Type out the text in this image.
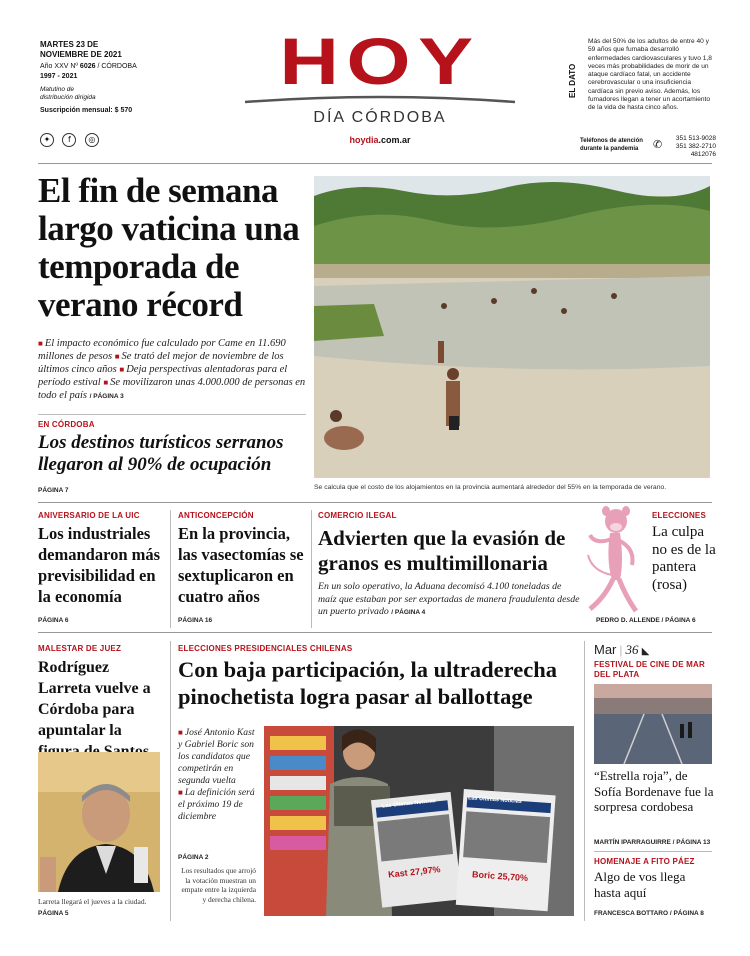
MARTES 23 DE
NOVIEMBRE DE 2021
Año XXV Nº 6026 / CÓRDOBA
1997 - 2021
Matutino de
distribución dirigida
Suscripción mensual: $ 570
✦ f ◎
HOY
DÍA CÓRDOBA
hoydia.com.ar
EL DATO
Más del 50% de los adultos de entre 40 y 59 años que fumaba desarrolló enfermedades cardiovasculares y tuvo 1,8 veces más probabilidades de morir de un ataque cardíaco fatal, un accidente cerebrovascular o una insuficiencia cardíaca sin previo aviso. Además, los fumadores llegan a tener un acortamiento de la vida de hasta cinco años.
Teléfonos de atención
durante la pandemia	✆	351 513-9028
351 382-2710
4812076
El fin de semana largo vaticina una temporada de verano récord
■ El impacto económico fue calculado por Came en 11.690 millones de pesos ■ Se trató del mejor de noviembre de los últimos cinco años ■ Deja perspectivas alentadoras para el período estival ■ Se movilizaron unas 4.000.000 de personas en todo el país / PÁGINA 3
EN CÓRDOBA
Los destinos turísticos serranos llegaron al 90% de ocupación
PÁGINA 7	Se calcula que el costo de los alojamientos en la provincia aumentará alrededor del 55% en la temporada de verano.
ANIVERSARIO DE LA UIC
Los industriales demandaron más previsibilidad en la economía
PÁGINA 6
ANTICONCEPCIÓN
En la provincia, las vasectomías se sextuplicaron en cuatro años
PÁGINA 16
COMERCIO ILEGAL
Advierten que la evasión de granos es multimillonaria
En un solo operativo, la Aduana decomisó 4.100 toneladas de maíz que estaban por ser exportadas de manera fraudulenta desde un puerto privado / PÁGINA 4
ELECCIONES
La culpa no es de la pantera (rosa)
PEDRO D. ALLENDE / PÁGINA 6
MALESTAR DE JUEZ
Rodríguez Larreta vuelve a Córdoba para apuntalar la
Larreta llegará el jueves a la ciudad.
PÁGINA 5
ELECCIONES PRESIDENCIALES CHILENAS
Con baja participación, la ultraderecha pinochetista logra pasar al ballottage
■ José Antonio Kast y Gabriel Boric son los candidatos que competirán en segunda vuelta
■ La definición será el próximo 19 de diciembre
PÁGINA 2
Los resultados que arrojó la votación muestran un empate entre la izquierda y derecha chilena.
Las Últimas Noticias	Las Últimas Noticias
Kast 27,97%	Boric 25,70%
Mar | 36 ◣
FESTIVAL DE CINE DE MAR DEL PLATA
“Estrella roja”, de Sofía Bordenave fue la sorpresa cordobesa
MARTÍN IPARRAGUIRRE / PÁGINA 13
HOMENAJE A FITO PÁEZ
Algo de vos llega hasta aquí
FRANCESCA BOTTARO / PÁGINA 8
